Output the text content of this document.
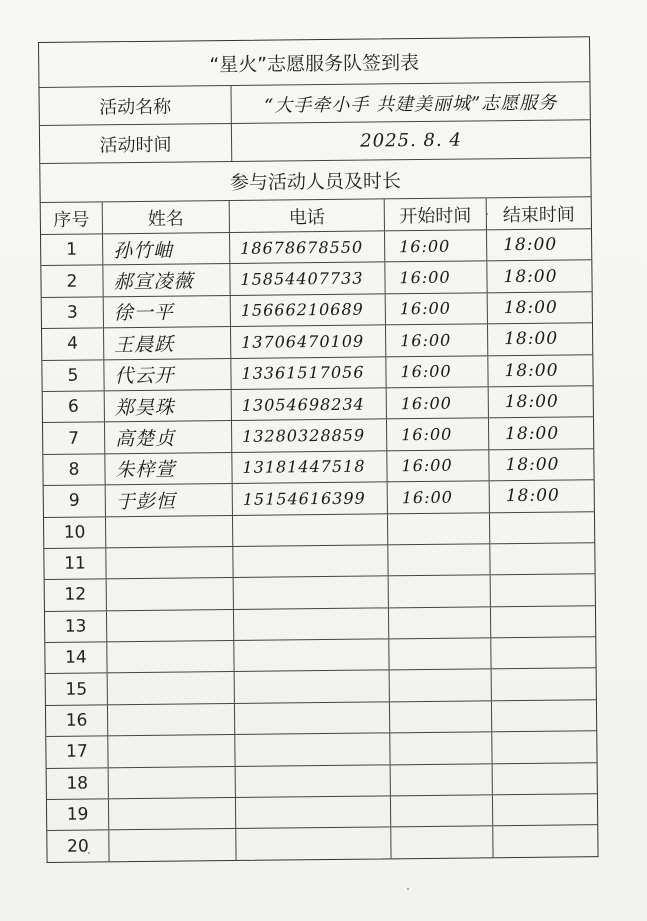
“星火”志愿服务队签到表
活动名称	“大手牵小手 共建美丽城”志愿服务
活动时间	2025. 8. 4
参与活动人员及时长
序号	姓名	电话	开始时间	结束时间
1	孙竹岫	18678678550	16:00	18:00
2	郝宣凌薇	15854407733	16:00	18:00
3	徐一平	15666210689	16:00	18:00
4	王晨跃	13706470109	16:00	18:00
5	代云开	13361517056	16:00	18:00
6	郑昊珠	13054698234	16:00	18:00
7	高楚贞	13280328859	16:00	18:00
8	朱梓萱	13181447518	16:00	18:00
9	于彭恒	15154616399	16:00	18:00
10
11
12
13
14
15
16
17
18
19
20
